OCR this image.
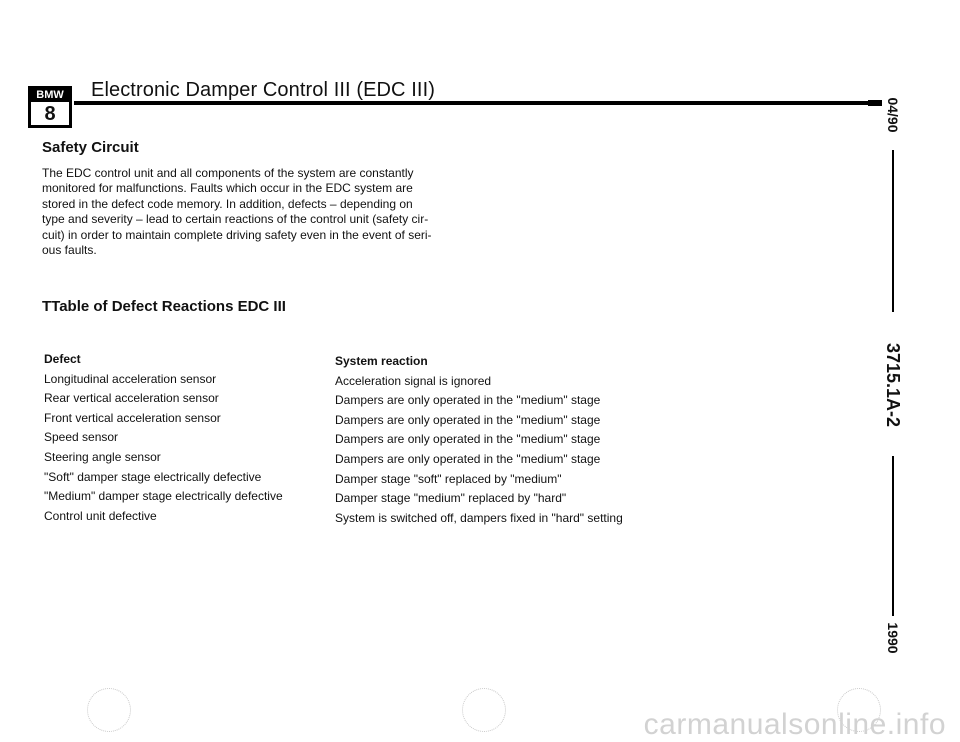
BMW
8
Electronic Damper Control III (EDC III)
Safety Circuit
The EDC control unit and all components of the system are constantly
monitored for malfunctions. Faults which occur in the EDC system are
stored in the defect code memory. In addition, defects – depending on
type and severity – lead to certain reactions of the control unit (safety cir-
cuit) in order to maintain complete driving safety even in the event of seri-
ous faults.
TTable of Defect Reactions EDC III
Defect
Longitudinal acceleration sensor
Rear vertical acceleration sensor
Front vertical acceleration sensor
Speed sensor
Steering angle sensor
"Soft" damper stage electrically defective
"Medium" damper stage electrically defective
Control unit defective
System reaction
Acceleration signal is ignored
Dampers are only operated in the "medium" stage
Dampers are only operated in the "medium" stage
Dampers are only operated in the "medium" stage
Dampers are only operated in the "medium" stage
Damper stage "soft" replaced by "medium"
Damper stage "medium" replaced by "hard"
System is switched off, dampers fixed in "hard" setting
04/90
3715.1A-2
1990
carmanualsonline.info
